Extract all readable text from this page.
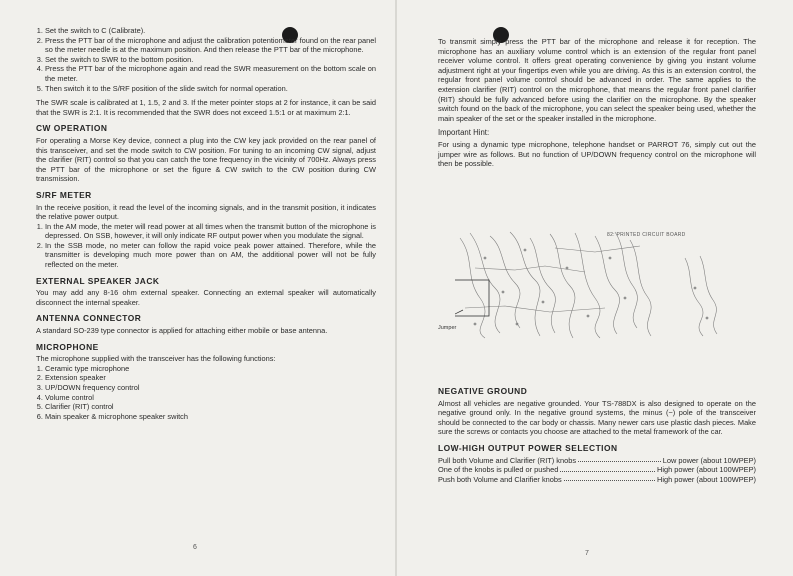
1. Set the switch to C (Calibrate).
2. Press the PTT bar of the microphone and adjust the calibration potentiometer found on the rear panel so the meter needle is at the maximum position. And then release the PTT bar of the microphone.
3. Set the switch to SWR to the bottom position.
4. Press the PTT bar of the microphone again and read the SWR measurement on the bottom scale on the meter.
5. Then switch it to the S/RF position of the slide switch for normal operation.

The SWR scale is calibrated at 1, 1.5, 2 and 3. If the meter pointer stops at 2 for instance, it can be said that the SWR is 2:1. It is recommended that the SWR does not exceed 1.5:1 or at maximum 2:1.

CW OPERATION

For operating a Morse Key device, connect a plug into the CW key jack provided on the rear panel of this transceiver, and set the mode switch to CW position. For tuning to an incoming CW signal, adjust the clarifier (RIT) control so that you can catch the tone frequency in the vicinity of 700Hz. Always press the PTT bar of the microphone or set the figure & CW switch to the CW position during CW transmission.

S/RF METER

In the receive position, it read the level of the incoming signals, and in the transmit position, it indicates the relative power output.

1. In the AM mode, the meter will read power at all times when the transmit button of the microphone is depressed. On SSB, however, it will only indicate RF output power when you modulate the signal.
2. In the SSB mode, no meter can follow the rapid voice peak power attained. Therefore, while the transmitter is developing much more power than on AM, the additional power will not be fully reflected on the meter.
EXTERNAL SPEAKER JACK

You may add any 8-16 ohm external speaker. Connecting an external speaker will automatically disconnect the internal speaker.

ANTENNA CONNECTOR

A standard SO-239 type connector is applied for attaching either mobile or base antenna.

MICROPHONE

The microphone supplied with the transceiver has the following functions:

1. Ceramic type microphone
2. Extension speaker
3. UP/DOWN frequency control
4. Volume control
5. Clarifier (RIT) control
6. Main speaker & microphone speaker switch
6

To transmit simply press the PTT bar of the microphone and release it for reception. The microphone has an auxiliary volume control which is an extension of the regular front panel receiver volume control. It offers great operating convenience by giving you instant volume adjustment right at your fingertips even while you are driving. As this is an extension control, the regular front panel volume control should be advanced in order. The same applies to the extension clarifier (RIT) control on the microphone, that means the regular front panel clarifier (RIT) should be fully advanced before using the clarifier on the microphone. By the speaker switch found on the back of the microphone, you can select the speaker being used, whether the main speaker of the set or the speaker installed in the microphone.

Important Hint:

For using a dynamic type microphone, telephone handset or PARROT 76, simply cut out the jumper wire as follows. But no function of UP/DOWN frequency control on the microphone will then be possible.

82: PRINTED CIRCUIT BOARD
Jumper
NEGATIVE GROUND

Almost all vehicles are negative grounded. Your TS-788DX is also designed to operate on the negative ground only. In the negative ground systems, the minus (−) pole of the transceiver should be connected to the car body or chassis. Many newer cars use plastic dash pieces. Make sure the screws or contacts you choose are attached to the metal framework of the car.

LOW-HIGH OUTPUT POWER SELECTION
Pull both Volume and Clarifier (RIT) knobs	Low power (about 10WPEP)
One of the knobs is pulled or pushed	High power (about 100WPEP)
Push both Volume and Clarifier knobs	High power (about 100WPEP)
7
